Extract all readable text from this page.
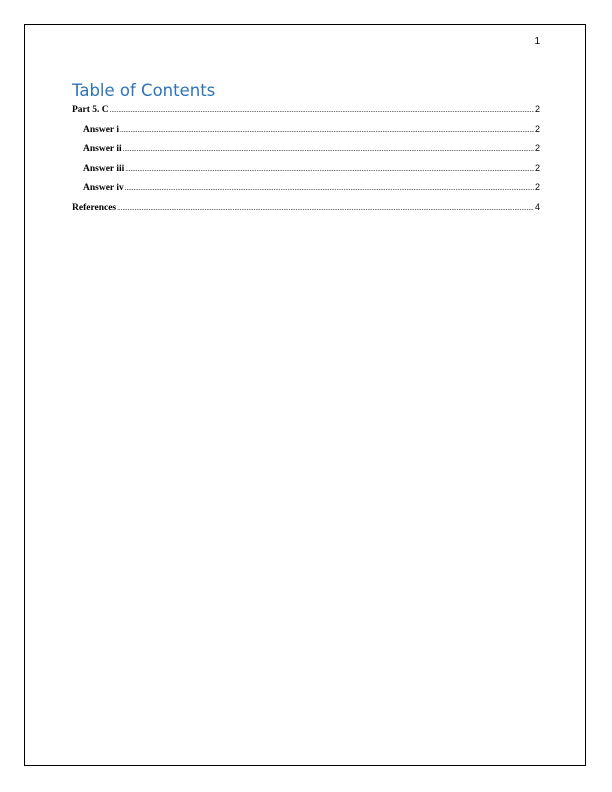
1
Table of Contents
Part 5. C .....	2
Answer i .....	2
Answer ii .....	2
Answer iii .....	2
Answer iv .....	2
References .....	4
